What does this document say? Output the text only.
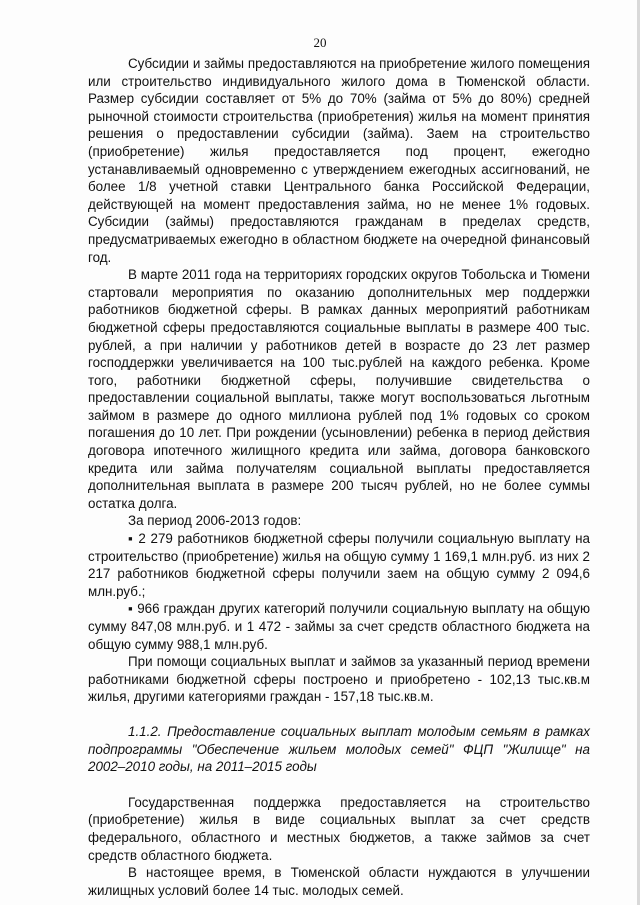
20

Субсидии и займы предоставляются на приобретение жилого помещения или строительство индивидуального жилого дома в Тюменской области. Размер субсидии составляет от 5% до 70% (займа от 5% до 80%) средней рыночной стоимости строительства (приобретения) жилья на момент принятия решения о предоставлении субсидии (займа). Заем на строительство (приобретение) жилья предоставляется под процент, ежегодно устанавливаемый одновременно с утверждением ежегодных ассигнований, не более 1/8 учетной ставки Центрального банка Российской Федерации, действующей на момент предоставления займа, но не менее 1% годовых. Субсидии (займы) предоставляются гражданам в пределах средств, предусматриваемых ежегодно в областном бюджете на очередной финансовый год.

В марте 2011 года на территориях городских округов Тобольска и Тюмени стартовали мероприятия по оказанию дополнительных мер поддержки работников бюджетной сферы. В рамках данных мероприятий работникам бюджетной сферы предоставляются социальные выплаты в размере 400 тыс. рублей, а при наличии у работников детей в возрасте до 23 лет размер господдержки увеличивается на 100 тыс.рублей на каждого ребенка. Кроме того, работники бюджетной сферы, получившие свидетельства о предоставлении социальной выплаты, также могут воспользоваться льготным займом в размере до одного миллиона рублей под 1% годовых со сроком погашения до 10 лет. При рождении (усыновлении) ребенка в период действия договора ипотечного жилищного кредита или займа, договора банковского кредита или займа получателям социальной выплаты предоставляется дополнительная выплата в размере 200 тысяч рублей, но не более суммы остатка долга.

За период 2006-2013 годов:

▪ 2 279 работников бюджетной сферы получили социальную выплату на строительство (приобретение) жилья на общую сумму 1 169,1 млн.руб. из них 2 217 работников бюджетной сферы получили заем на общую сумму 2 094,6 млн.руб.;

▪ 966 граждан других категорий получили социальную выплату на общую сумму 847,08 млн.руб. и 1 472 - займы за счет средств областного бюджета на общую сумму 988,1 млн.руб.

При помощи социальных выплат и займов за указанный период времени работниками бюджетной сферы построено и приобретено - 102,13 тыс.кв.м жилья, другими категориями граждан - 157,18 тыс.кв.м.

1.1.2. Предоставление социальных выплат молодым семьям в рамках подпрограммы "Обеспечение жильем молодых семей" ФЦП "Жилище" на 2002–2010 годы, на 2011–2015 годы

Государственная поддержка предоставляется на строительство (приобретение) жилья в виде социальных выплат за счет средств федерального, областного и местных бюджетов, а также займов за счет средств областного бюджета.

В настоящее время, в Тюменской области нуждаются в улучшении жилищных условий более 14 тыс. молодых семей.
